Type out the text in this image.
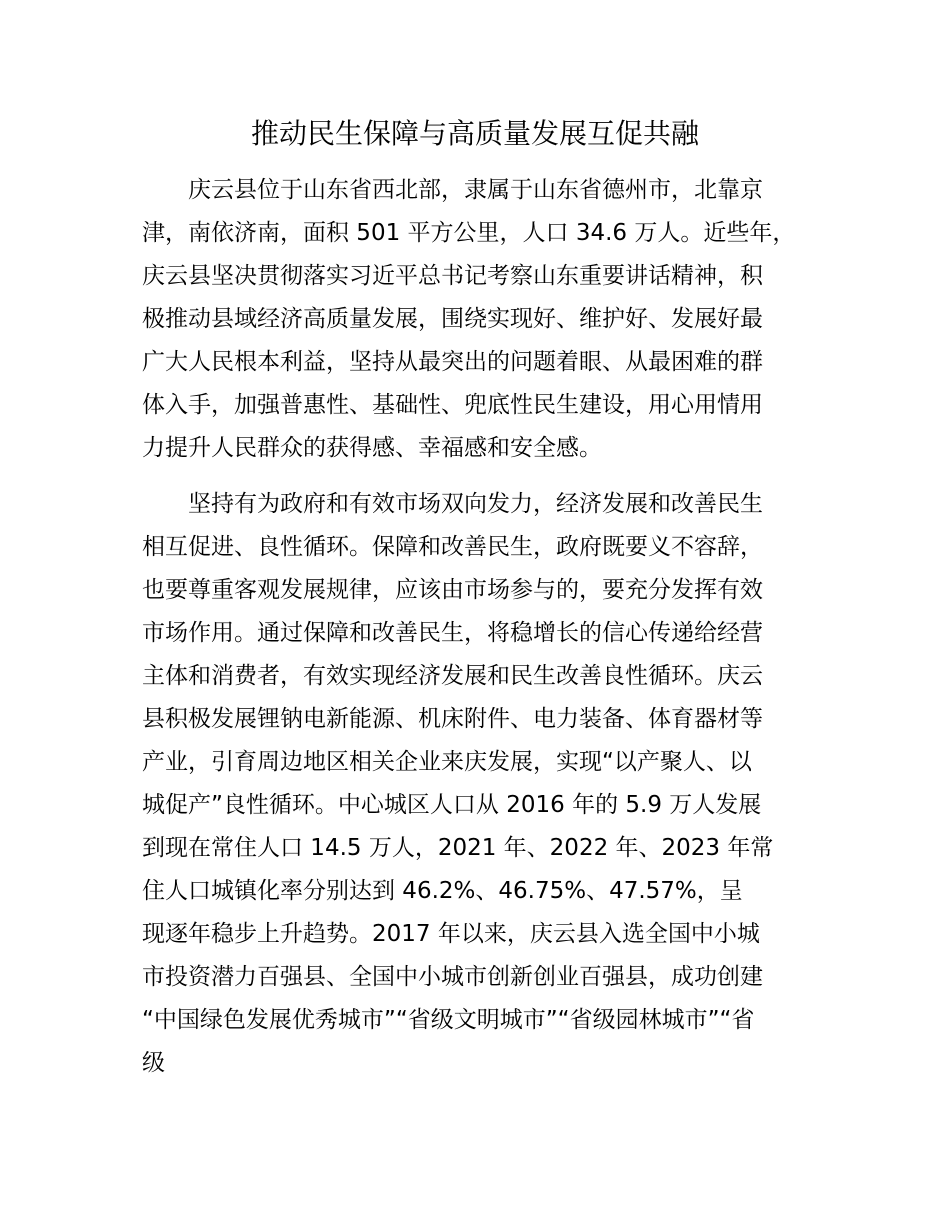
推动民生保障与高质量发展互促共融
庆云县位于山东省西北部，隶属于山东省德州市，北靠京
津，南依济南，面积 501 平方公里，人口 34.6 万人。近些年，
庆云县坚决贯彻落实习近平总书记考察山东重要讲话精神，积
极推动县域经济高质量发展，围绕实现好、维护好、发展好最
广大人民根本利益，坚持从最突出的问题着眼、从最困难的群
体入手，加强普惠性、基础性、兜底性民生建设，用心用情用
力提升人民群众的获得感、幸福感和安全感。
坚持有为政府和有效市场双向发力，经济发展和改善民生
相互促进、良性循环。保障和改善民生，政府既要义不容辞，
也要尊重客观发展规律，应该由市场参与的，要充分发挥有效
市场作用。通过保障和改善民生，将稳增长的信心传递给经营
主体和消费者，有效实现经济发展和民生改善良性循环。庆云
县积极发展锂钠电新能源、机床附件、电力装备、体育器材等
产业，引育周边地区相关企业来庆发展，实现“以产聚人、以
城促产”良性循环。中心城区人口从 2016 年的 5.9 万人发展
到现在常住人口 14.5 万人，2021 年、2022 年、2023 年常
住人口城镇化率分别达到 46.2%、46.75%、47.57%，呈
现逐年稳步上升趋势。2017 年以来，庆云县入选全国中小城
市投资潜力百强县、全国中小城市创新创业百强县，成功创建
“中国绿色发展优秀城市”“省级文明城市”“省级园林城市”“省
级
